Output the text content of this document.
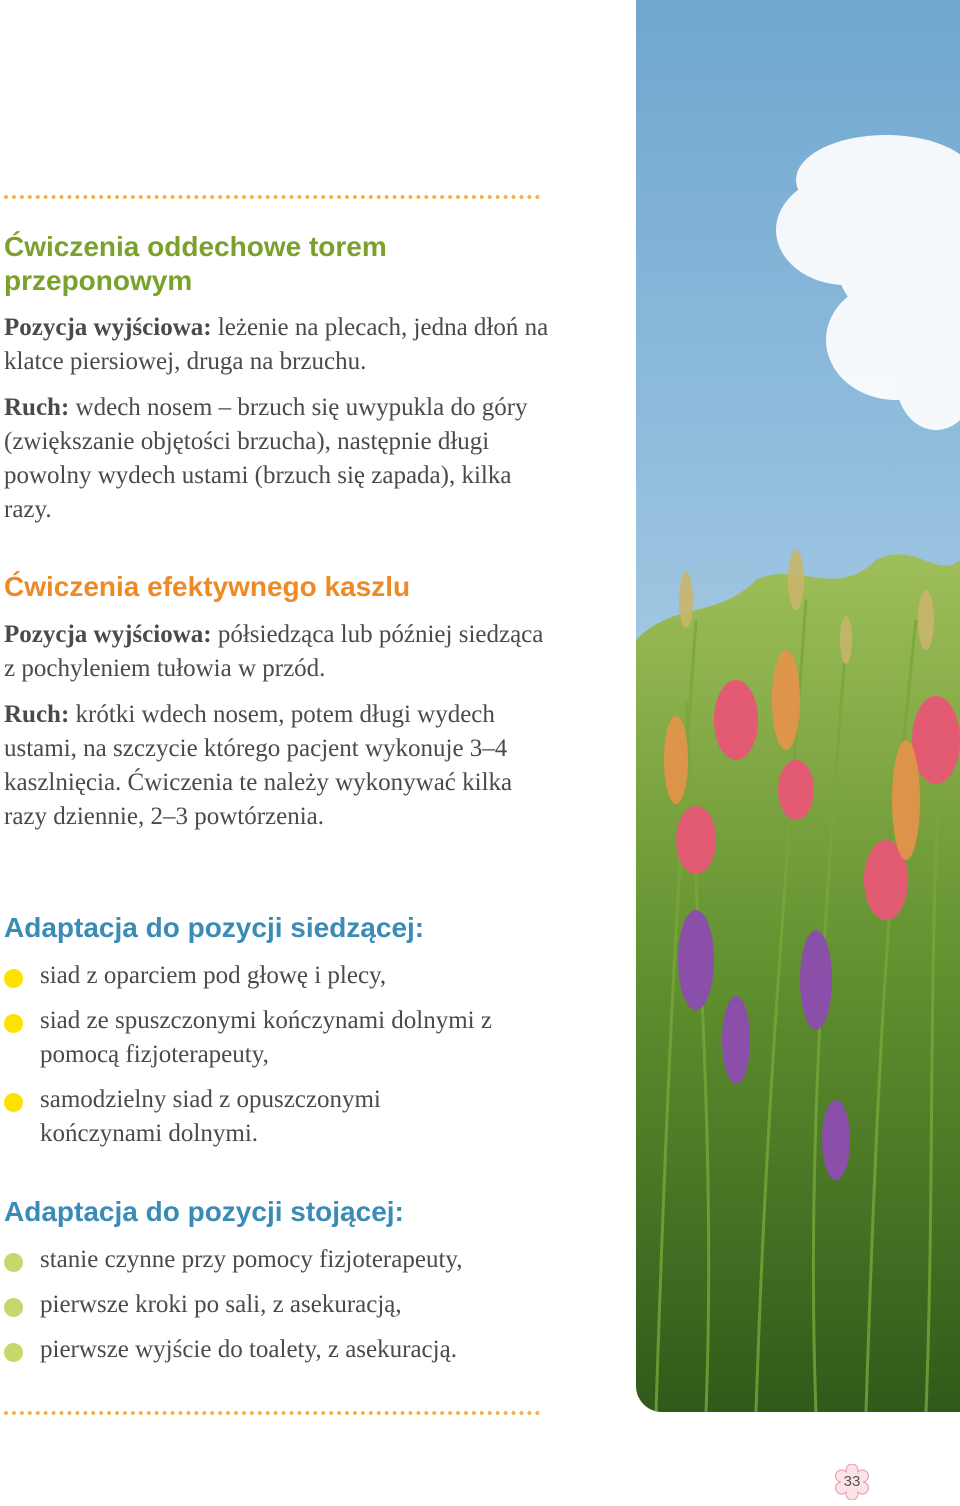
Ćwiczenia oddechowe torem
przeponowym

Pozycja wyjściowa: leżenie na plecach, jedna dłoń na klatce piersiowej, druga na brzuchu.

Ruch: wdech nosem – brzuch się uwypukla do góry (zwiększanie objętości brzucha), następnie długi powolny wydech ustami (brzuch się zapada), kilka razy.

Ćwiczenia efektywnego kaszlu

Pozycja wyjściowa: półsiedząca lub później siedząca z pochyleniem tułowia w przód.

Ruch: krótki wdech nosem, potem długi wydech ustami, na szczycie którego pacjent wykonuje 3–4 kaszlnięcia. Ćwiczenia te należy wykonywać kilka razy dziennie, 2–3 powtórzenia.

Adaptacja do pozycji siedzącej:
siad z oparciem pod głowę i plecy,
siad ze spuszczonymi kończynami dolnymi z pomocą fizjoterapeuty,
samodzielny siad z opuszczonymi kończynami dolnymi.
Adaptacja do pozycji stojącej:
stanie czynne przy pomocy fizjoterapeuty,
pierwsze kroki po sali, z asekuracją,
pierwsze wyjście do toalety, z asekuracją.
33
